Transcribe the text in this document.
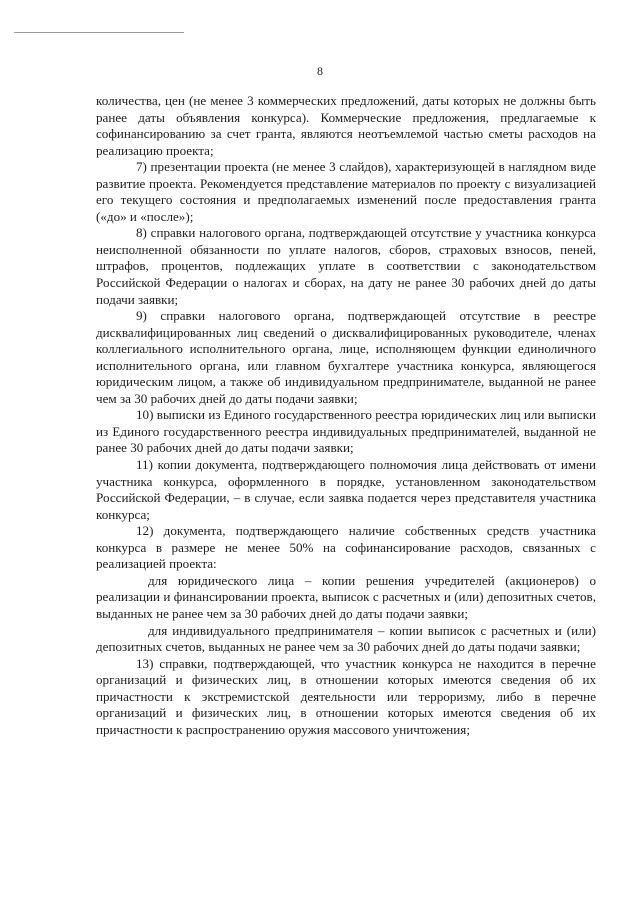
8

количества, цен (не менее 3 коммерческих предложений, даты которых не должны быть ранее даты объявления конкурса). Коммерческие предложения, предлагаемые к софинансированию за счет гранта, являются неотъемлемой частью сметы расходов на реализацию проекта;

7) презентации проекта (не менее 3 слайдов), характеризующей в наглядном виде развитие проекта. Рекомендуется представление материалов по проекту с визуализацией его текущего состояния и предполагаемых изменений после предоставления гранта («до» и «после»);

8) справки налогового органа, подтверждающей отсутствие у участника конкурса неисполненной обязанности по уплате налогов, сборов, страховых взносов, пеней, штрафов, процентов, подлежащих уплате в соответствии с законодательством Российской Федерации о налогах и сборах, на дату не ранее 30 рабочих дней до даты подачи заявки;

9) справки налогового органа, подтверждающей отсутствие в реестре дисквалифицированных лиц сведений о дисквалифицированных руководителе, членах коллегиального исполнительного органа, лице, исполняющем функции единоличного исполнительного органа, или главном бухгалтере участника конкурса, являющегося юридическим лицом, а также об индивидуальном предпринимателе, выданной не ранее чем за 30 рабочих дней до даты подачи заявки;

10) выписки из Единого государственного реестра юридических лиц или выписки из Единого государственного реестра индивидуальных предпринимателей, выданной не ранее 30 рабочих дней до даты подачи заявки;

11) копии документа, подтверждающего полномочия лица действовать от имени участника конкурса, оформленного в порядке, установленном законодательством Российской Федерации, – в случае, если заявка подается через представителя участника конкурса;

12) документа, подтверждающего наличие собственных средств участника конкурса в размере не менее 50% на софинансирование расходов, связанных с реализацией проекта:

для юридического лица – копии решения учредителей (акционеров) о реализации и финансировании проекта, выписок с расчетных и (или) депозитных счетов, выданных не ранее чем за 30 рабочих дней до даты подачи заявки;

для индивидуального предпринимателя – копии выписок с расчетных и (или) депозитных счетов, выданных не ранее чем за 30 рабочих дней до даты подачи заявки;

13) справки, подтверждающей, что участник конкурса не находится в перечне организаций и физических лиц, в отношении которых имеются сведения об их причастности к экстремистской деятельности или терроризму, либо в перечне организаций и физических лиц, в отношении которых имеются сведения об их причастности к распространению оружия массового уничтожения;
